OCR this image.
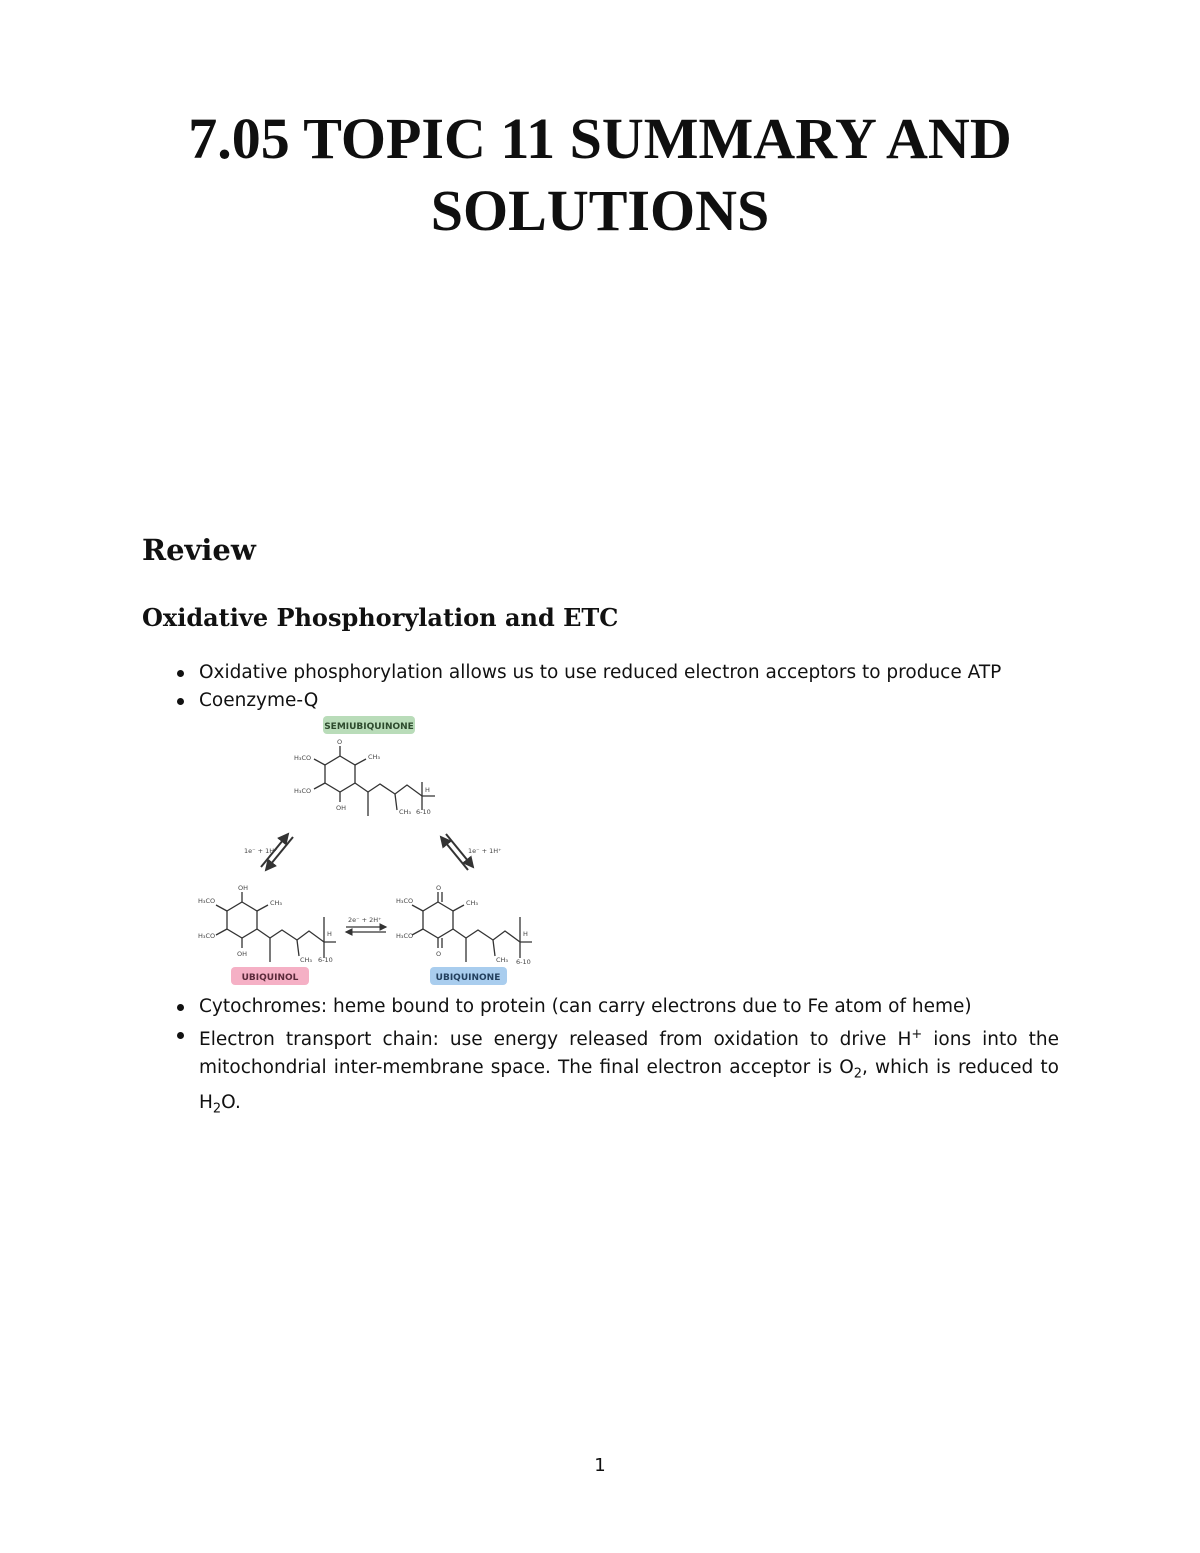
7.05 TOPIC 11 SUMMARY AND
SOLUTIONS
Review
Oxidative Phosphorylation and ETC
Oxidative phosphorylation allows us to use reduced electron acceptors to produce ATP
Coenzyme-Q
SEMIUBIQUINONE
O
H₃CO
H₃CO
CH₃
OH	CH₃ 6-10
H
1e⁻ + 1H⁺	1e⁻ + 1H⁺
2e⁻ + 2H⁺
OH
H₃CO
H₃CO
CH₃
OH
CH₃ 6-10
H
O
H₃CO
H₃CO
CH₃
O
CH₃ 6-10
H
UBIQUINOL	UBIQUINONE
Cytochromes: heme bound to protein (can carry electrons due to Fe atom of heme)
Electron transport chain: use energy released from oxidation to drive H+ ions into the mitochondrial inter-membrane space. The final electron acceptor is $O_2$, which is reduced to $H_2O$.
1
